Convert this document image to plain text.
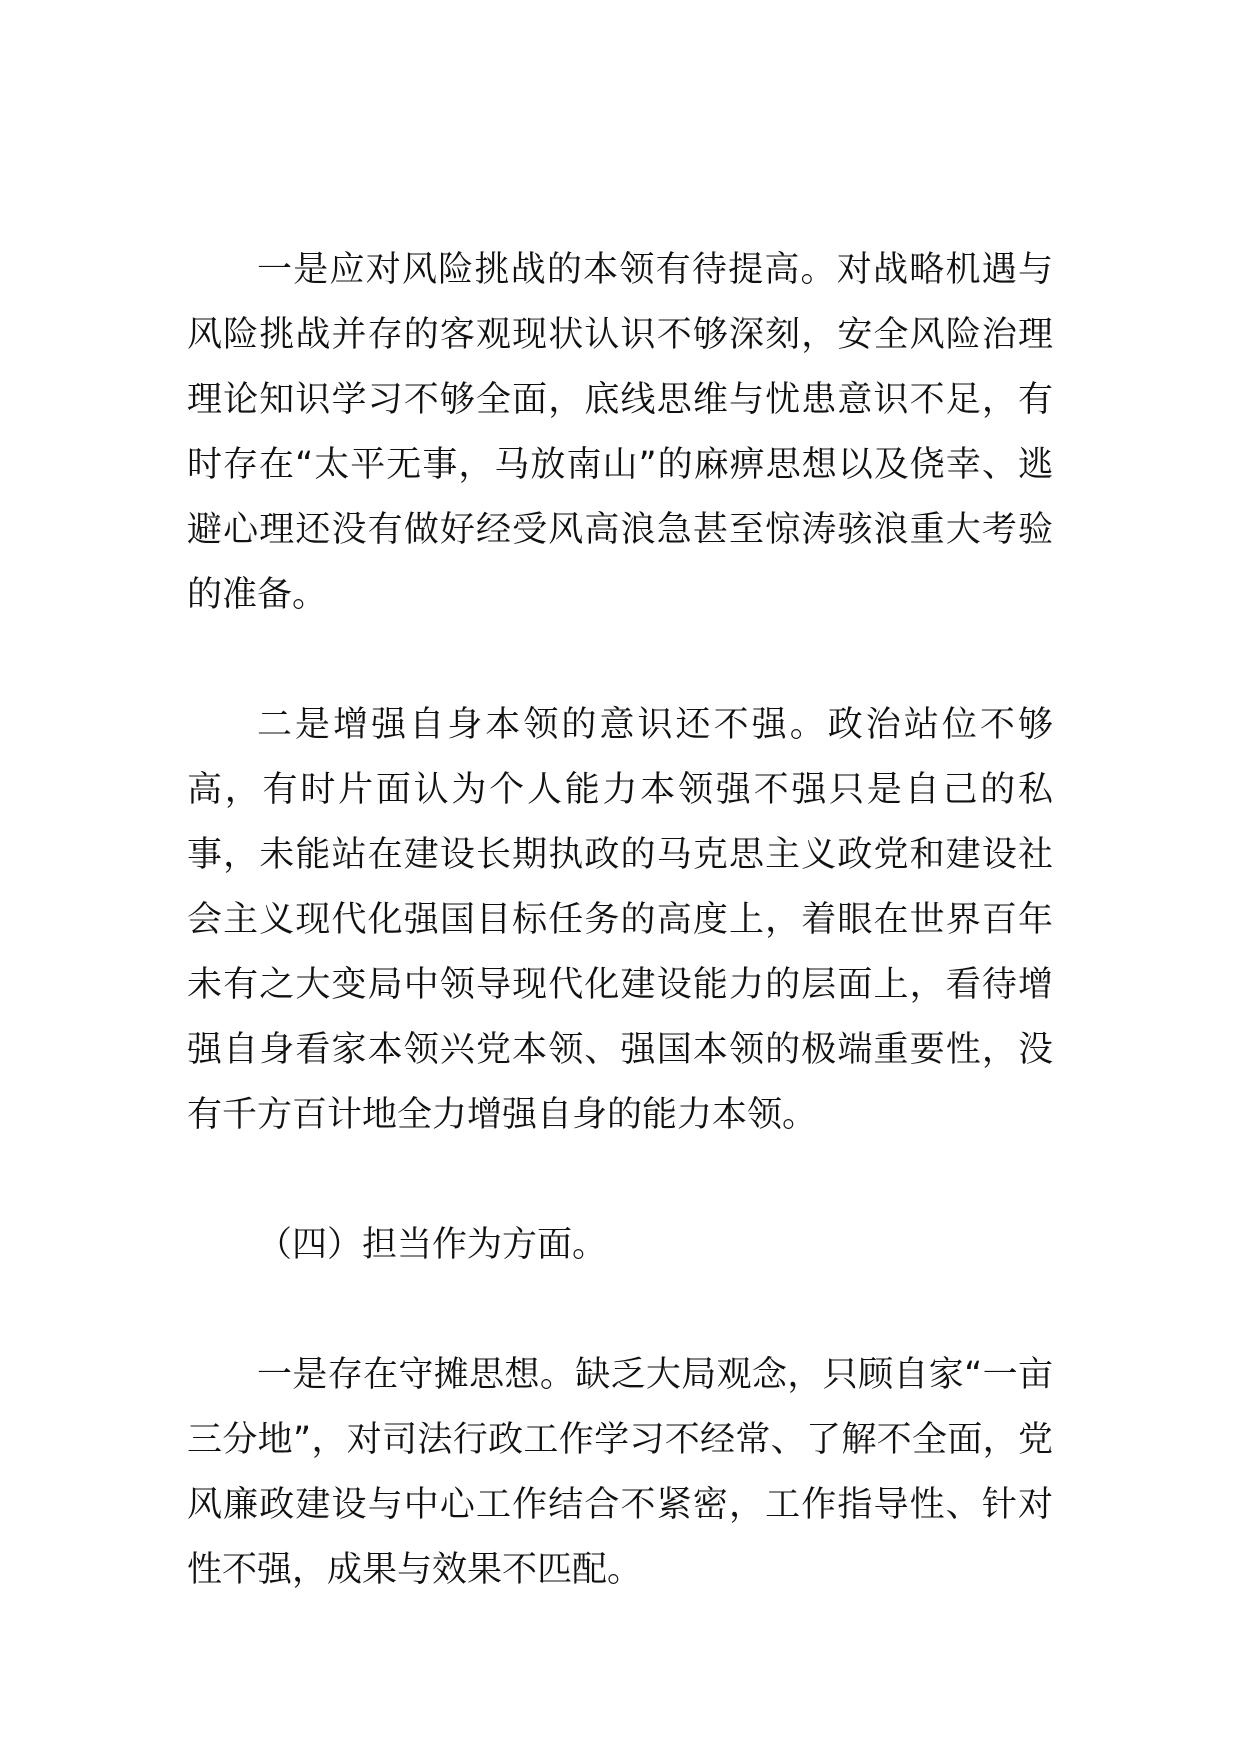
一是应对风险挑战的本领有待提高。对战略机遇与风险挑战并存的客观现状认识不够深刻，安全风险治理理论知识学习不够全面，底线思维与忧患意识不足，有时存在“太平无事，马放南山”的麻痹思想以及侥幸、逃避心理还没有做好经受风高浪急甚至惊涛骇浪重大考验的准备。

二是增强自身本领的意识还不强。政治站位不够高，有时片面认为个人能力本领强不强只是自己的私事，未能站在建设长期执政的马克思主义政党和建设社会主义现代化强国目标任务的高度上，着眼在世界百年未有之大变局中领导现代化建设能力的层面上，看待增强自身看家本领兴党本领、强国本领的极端重要性，没有千方百计地全力增强自身的能力本领。

（四）担当作为方面。

一是存在守摊思想。缺乏大局观念，只顾自家“一亩三分地”，对司法行政工作学习不经常、了解不全面，党风廉政建设与中心工作结合不紧密，工作指导性、针对性不强，成果与效果不匹配。
